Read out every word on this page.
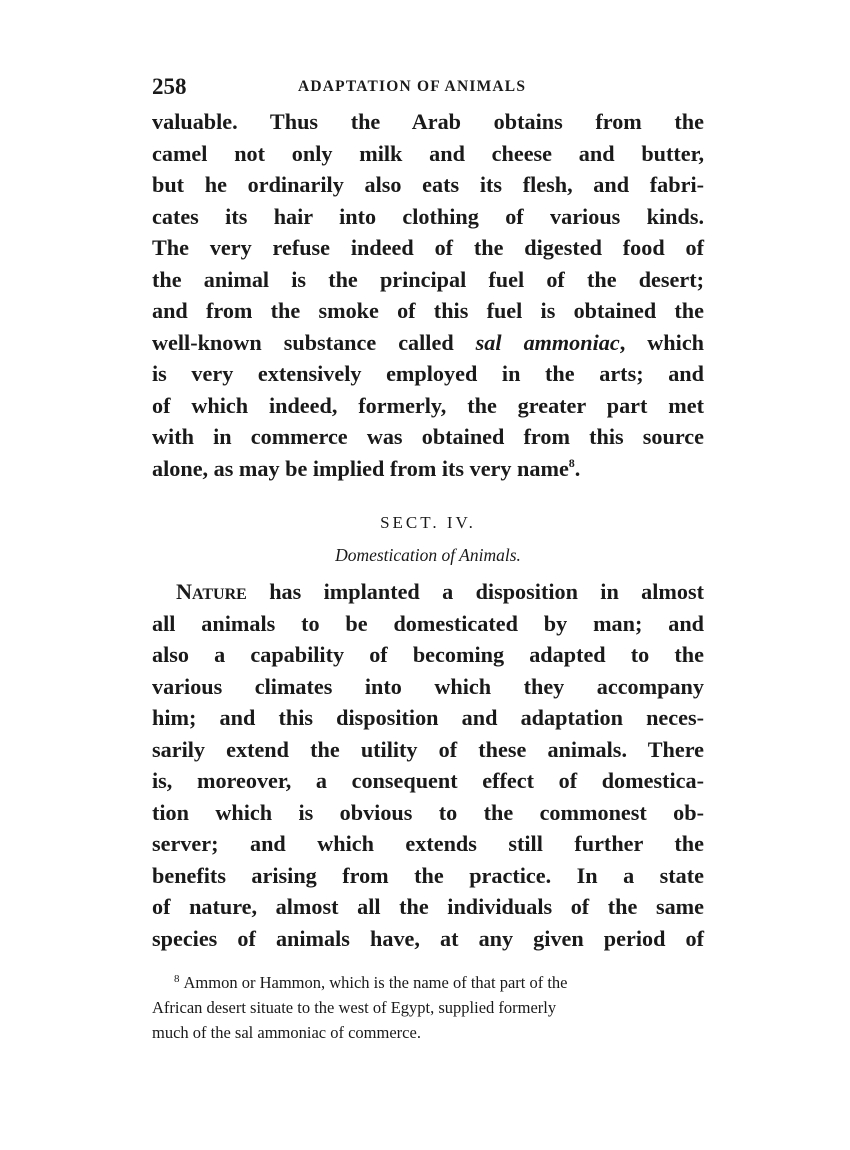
258	ADAPTATION OF ANIMALS
valuable. Thus the Arab obtains from the
camel not only milk and cheese and butter,
but he ordinarily also eats its flesh, and fabri-
cates its hair into clothing of various kinds.
The very refuse indeed of the digested food of
the animal is the principal fuel of the desert;
and from the smoke of this fuel is obtained the
well-known substance called sal ammoniac, which
is very extensively employed in the arts; and
of which indeed, formerly, the greater part met
with in commerce was obtained from this source
alone, as may be implied from its very name$^8$.
SECT. IV.
Domestication of Animals.
Nature has implanted a disposition in almost
all animals to be domesticated by man; and
also a capability of becoming adapted to the
various climates into which they accompany
him; and this disposition and adaptation neces-
sarily extend the utility of these animals. There
is, moreover, a consequent effect of domestica-
tion which is obvious to the commonest ob-
server; and which extends still further the
benefits arising from the practice. In a state
of nature, almost all the individuals of the same
species of animals have, at any given period of
$^8$ Ammon or Hammon, which is the name of that part of the
African desert situate to the west of Egypt, supplied formerly
much of the sal ammoniac of commerce.
